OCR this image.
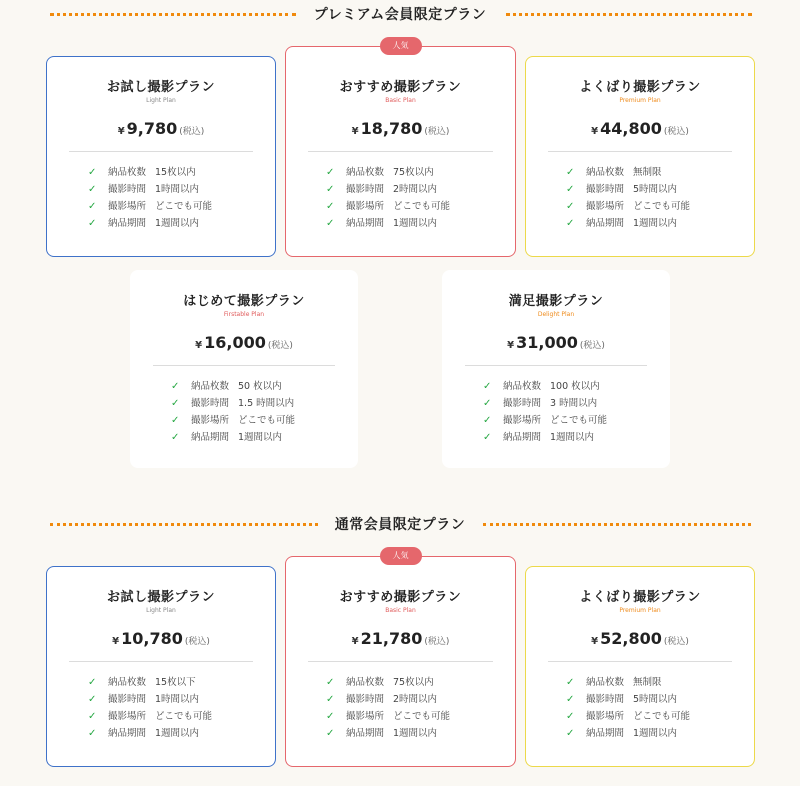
プレミアム会員限定プラン
お試し撮影プラン
Light Plan
¥ 9,780 (税込)
✓ 納品枚数 15枚以内
✓ 撮影時間 1時間以内
✓ 撮影場所 どこでも可能
✓ 納品期間 1週間以内
人気
おすすめ撮影プラン
Basic Plan
¥ 18,780 (税込)
✓ 納品枚数 75枚以内
✓ 撮影時間 2時間以内
✓ 撮影場所 どこでも可能
✓ 納品期間 1週間以内
よくばり撮影プラン
Premium Plan
¥ 44,800 (税込)
✓ 納品枚数 無制限
✓ 撮影時間 5時間以内
✓ 撮影場所 どこでも可能
✓ 納品期間 1週間以内
はじめて撮影プラン
Firstable Plan
¥ 16,000 (税込)
✓ 納品枚数 50 枚以内
✓ 撮影時間 1.5 時間以内
✓ 撮影場所 どこでも可能
✓ 納品期間 1週間以内
満足撮影プラン
Delight Plan
¥ 31,000 (税込)
✓ 納品枚数 100 枚以内
✓ 撮影時間 3 時間以内
✓ 撮影場所 どこでも可能
✓ 納品期間 1週間以内
通常会員限定プラン
お試し撮影プラン
Light Plan
¥ 10,780 (税込)
✓ 納品枚数 15枚以下
✓ 撮影時間 1時間以内
✓ 撮影場所 どこでも可能
✓ 納品期間 1週間以内
人気
おすすめ撮影プラン
Basic Plan
¥ 21,780 (税込)
✓ 納品枚数 75枚以内
✓ 撮影時間 2時間以内
✓ 撮影場所 どこでも可能
✓ 納品期間 1週間以内
よくばり撮影プラン
Premium Plan
¥ 52,800 (税込)
✓ 納品枚数 無制限
✓ 撮影時間 5時間以内
✓ 撮影場所 どこでも可能
✓ 納品期間 1週間以内
